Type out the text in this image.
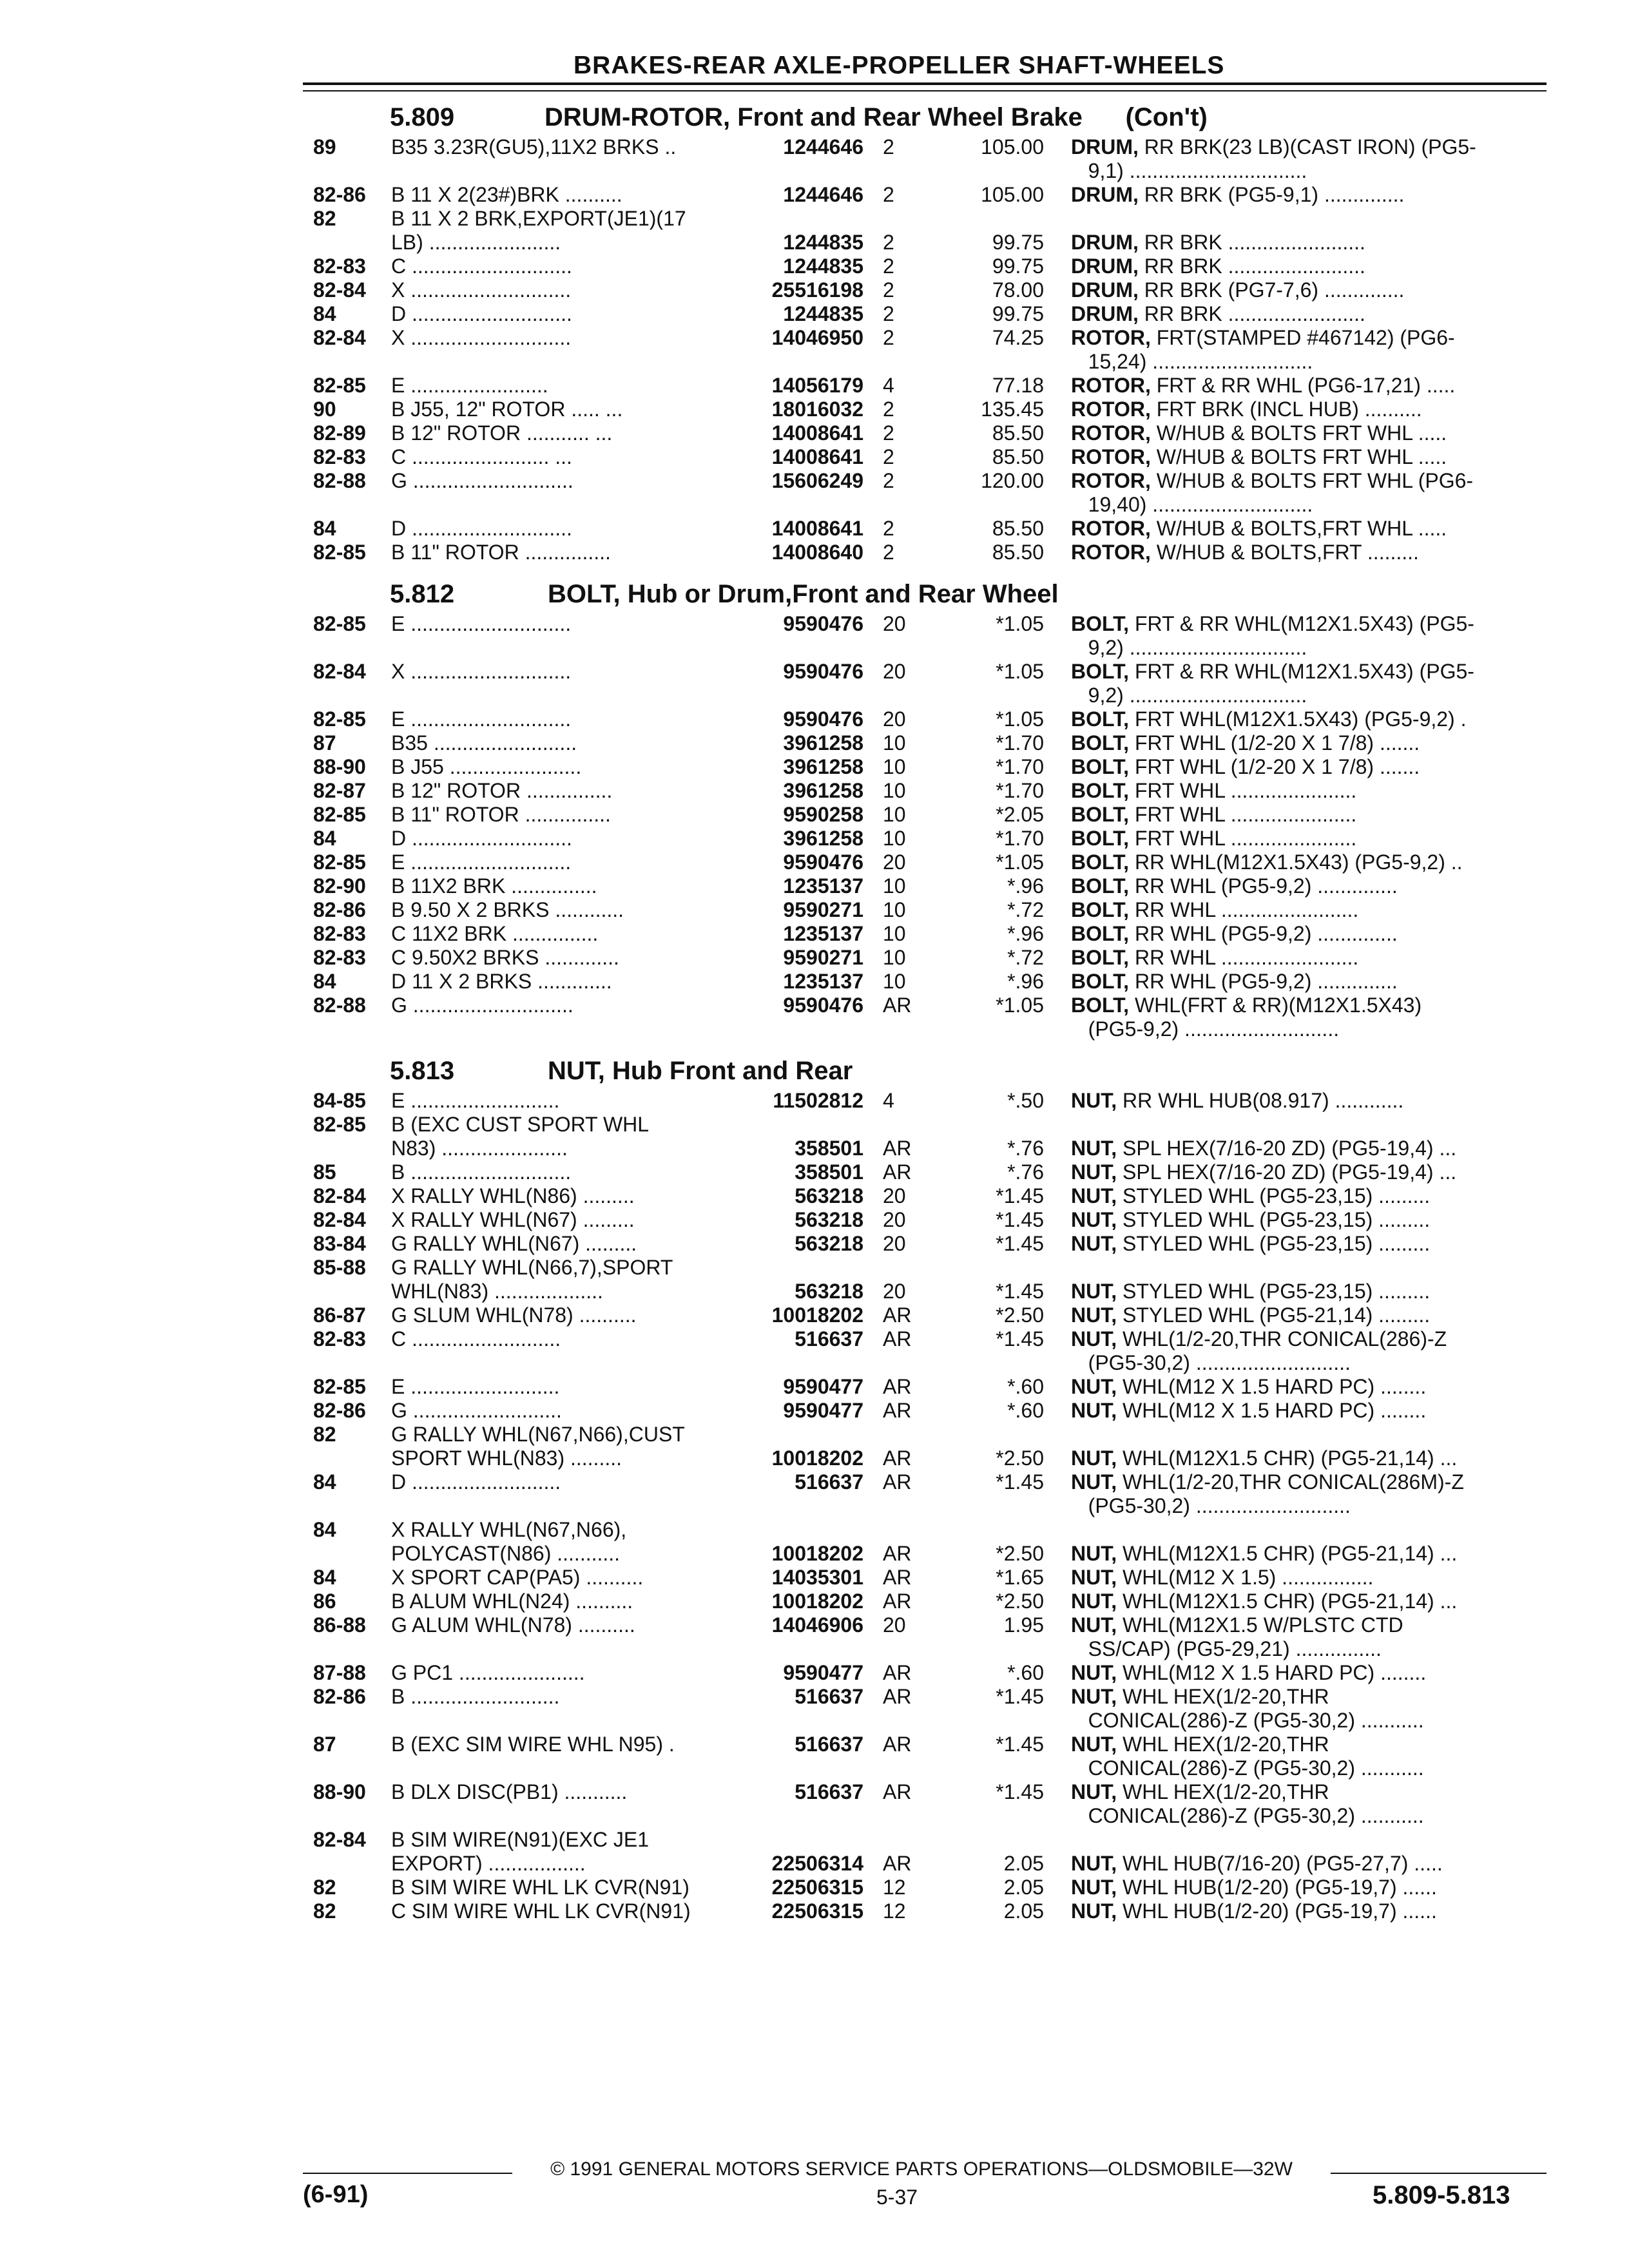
BRAKES-REAR AXLE-PROPELLER SHAFT-WHEELS
5.809	DRUM-ROTOR, Front and Rear Wheel Brake      (Con't)
89	B35 3.23R(GU5),11X2 BRKS ..	1244646 2	105.00 DRUM, RR BRK(23 LB)(CAST IRON) (PG5-
9,1) ...............................
82-86	B 11 X 2(23#)BRK ..........	1244646 2	105.00 DRUM, RR BRK (PG5-9,1) ..............
82	B 11 X 2 BRK,EXPORT(JE1)(17
LB) .......................	1244835 2	99.75 DRUM, RR BRK ........................
82-83	C ............................	1244835 2	99.75 DRUM, RR BRK ........................
82-84	X ............................	25516198 2	78.00 DRUM, RR BRK (PG7-7,6) ..............
84	D ............................	1244835 2	99.75 DRUM, RR BRK ........................
82-84	X ............................	14046950 2	74.25 ROTOR, FRT(STAMPED #467142) (PG6-
15,24) ............................
82-85	E ........................	14056179 4	77.18 ROTOR, FRT & RR WHL (PG6-17,21) .....
90	B J55, 12" ROTOR ..... ...	18016032 2	135.45 ROTOR, FRT BRK (INCL HUB) ..........
82-89	B 12" ROTOR ........... ...	14008641 2	85.50 ROTOR, W/HUB & BOLTS FRT WHL .....
82-83	C ........................ ...	14008641 2	85.50 ROTOR, W/HUB & BOLTS FRT WHL .....
82-88	G ............................	15606249 2	120.00 ROTOR, W/HUB & BOLTS FRT WHL (PG6-
19,40) ............................
84	D ............................	14008641 2	85.50 ROTOR, W/HUB & BOLTS,FRT WHL .....
82-85	B 11" ROTOR ...............	14008640 2	85.50 ROTOR, W/HUB & BOLTS,FRT .........
5.812	BOLT, Hub or Drum,Front and Rear Wheel
82-85	E ............................	9590476 20	*1.05 BOLT, FRT & RR WHL(M12X1.5X43) (PG5-
9,2) ...............................
82-84	X ............................	9590476 20	*1.05 BOLT, FRT & RR WHL(M12X1.5X43) (PG5-
9,2) ...............................
82-85	E ............................	9590476 20	*1.05 BOLT, FRT WHL(M12X1.5X43) (PG5-9,2) .
87	B35 .........................	3961258 10	*1.70 BOLT, FRT WHL (1/2-20 X 1 7/8) .......
88-90	B J55 .......................	3961258 10	*1.70 BOLT, FRT WHL (1/2-20 X 1 7/8) .......
82-87	B 12" ROTOR ...............	3961258 10	*1.70 BOLT, FRT WHL ......................
82-85	B 11" ROTOR ...............	9590258 10	*2.05 BOLT, FRT WHL ......................
84	D ............................	3961258 10	*1.70 BOLT, FRT WHL ......................
82-85	E ............................	9590476 20	*1.05 BOLT, RR WHL(M12X1.5X43) (PG5-9,2) ..
82-90	B 11X2 BRK ...............	1235137 10	*.96 BOLT, RR WHL (PG5-9,2) ..............
82-86	B 9.50 X 2 BRKS ............	9590271 10	*.72 BOLT, RR WHL ........................
82-83	C 11X2 BRK ...............	1235137 10	*.96 BOLT, RR WHL (PG5-9,2) ..............
82-83	C 9.50X2 BRKS .............	9590271 10	*.72 BOLT, RR WHL ........................
84	D 11 X 2 BRKS .............	1235137 10	*.96 BOLT, RR WHL (PG5-9,2) ..............
82-88	G ............................	9590476 AR	*1.05 BOLT, WHL(FRT & RR)(M12X1.5X43)
(PG5-9,2) ...........................
5.813	NUT, Hub Front and Rear
84-85	E ..........................	11502812 4	*.50 NUT, RR WHL HUB(08.917) ............
82-85	B (EXC CUST SPORT WHL
N83) ......................	358501 AR	*.76 NUT, SPL HEX(7/16-20 ZD) (PG5-19,4) ...
85	B ............................	358501 AR	*.76 NUT, SPL HEX(7/16-20 ZD) (PG5-19,4) ...
82-84	X RALLY WHL(N86) .........	563218 20	*1.45 NUT, STYLED WHL (PG5-23,15) .........
82-84	X RALLY WHL(N67) .........	563218 20	*1.45 NUT, STYLED WHL (PG5-23,15) .........
83-84	G RALLY WHL(N67) .........	563218 20	*1.45 NUT, STYLED WHL (PG5-23,15) .........
85-88	G RALLY WHL(N66,7),SPORT
WHL(N83) ...................	563218 20	*1.45 NUT, STYLED WHL (PG5-23,15) .........
86-87	G SLUM WHL(N78) ..........	10018202 AR	*2.50 NUT, STYLED WHL (PG5-21,14) .........
82-83	C ..........................	516637 AR	*1.45 NUT, WHL(1/2-20,THR CONICAL(286)-Z
(PG5-30,2) ...........................
82-85	E ..........................	9590477 AR	*.60 NUT, WHL(M12 X 1.5 HARD PC) ........
82-86	G ..........................	9590477 AR	*.60 NUT, WHL(M12 X 1.5 HARD PC) ........
82	G RALLY WHL(N67,N66),CUST
SPORT WHL(N83) .........	10018202 AR	*2.50 NUT, WHL(M12X1.5 CHR) (PG5-21,14) ...
84	D ..........................	516637 AR	*1.45 NUT, WHL(1/2-20,THR CONICAL(286M)-Z
(PG5-30,2) ...........................
84	X RALLY WHL(N67,N66),
POLYCAST(N86) ...........	10018202 AR	*2.50 NUT, WHL(M12X1.5 CHR) (PG5-21,14) ...
84	X SPORT CAP(PA5) ..........	14035301 AR	*1.65 NUT, WHL(M12 X 1.5) ................
86	B ALUM WHL(N24) ..........	10018202 AR	*2.50 NUT, WHL(M12X1.5 CHR) (PG5-21,14) ...
86-88	G ALUM WHL(N78) ..........	14046906 20	1.95 NUT, WHL(M12X1.5 W/PLSTC CTD
SS/CAP) (PG5-29,21) ...............
87-88	G PC1 ......................	9590477 AR	*.60 NUT, WHL(M12 X 1.5 HARD PC) ........
82-86	B ..........................	516637 AR	*1.45 NUT, WHL HEX(1/2-20,THR
CONICAL(286)-Z (PG5-30,2) ...........
87	B (EXC SIM WIRE WHL N95) .	516637 AR	*1.45 NUT, WHL HEX(1/2-20,THR
CONICAL(286)-Z (PG5-30,2) ...........
88-90	B DLX DISC(PB1) ...........	516637 AR	*1.45 NUT, WHL HEX(1/2-20,THR
CONICAL(286)-Z (PG5-30,2) ...........
82-84	B SIM WIRE(N91)(EXC JE1
EXPORT) .................	22506314 AR	2.05 NUT, WHL HUB(7/16-20) (PG5-27,7) .....
82	B SIM WIRE WHL LK CVR(N91)	22506315 12	2.05 NUT, WHL HUB(1/2-20) (PG5-19,7) ......
82	C SIM WIRE WHL LK CVR(N91)	22506315 12	2.05 NUT, WHL HUB(1/2-20) (PG5-19,7) ......
© 1991 GENERAL MOTORS SERVICE PARTS OPERATIONS—OLDSMOBILE—32W
(6-91)	5-37	5.809-5.813
